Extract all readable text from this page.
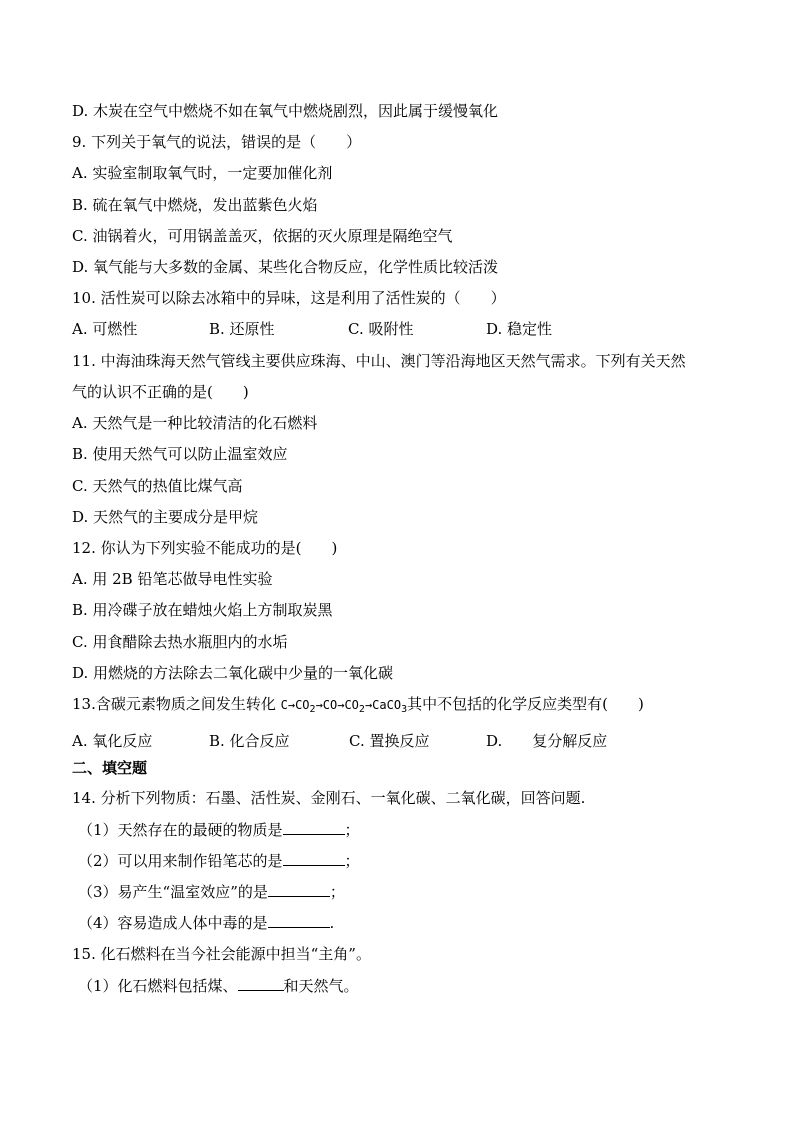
D. 木炭在空气中燃烧不如在氧气中燃烧剧烈，因此属于缓慢氧化
9. 下列关于氧气的说法，错误的是（　　）
A. 实验室制取氧气时，一定要加催化剂
B. 硫在氧气中燃烧，发出蓝紫色火焰
C. 油锅着火，可用锅盖盖灭，依据的灭火原理是隔绝空气
D. 氧气能与大多数的金属、某些化合物反应，化学性质比较活泼
10. 活性炭可以除去冰箱中的异味，这是利用了活性炭的（　　）
A. 可燃性	B. 还原性	C. 吸附性	D. 稳定性
11. 中海油珠海天然气管线主要供应珠海、中山、澳门等沿海地区天然气需求。下列有关天然
气的认识不正确的是(　　)
A. 天然气是一种比较清洁的化石燃料
B. 使用天然气可以防止温室效应
C. 天然气的热值比煤气高
D. 天然气的主要成分是甲烷
12. 你认为下列实验不能成功的是(　　)
A. 用 2B 铅笔芯做导电性实验
B. 用冷碟子放在蜡烛火焰上方制取炭黑
C. 用食醋除去热水瓶胆内的水垢
D. 用燃烧的方法除去二氧化碳中少量的一氧化碳
13.含碳元素物质之间发生转化 $C\to CO_2\to CO\to CO_2\to CaCO_3$其中不包括的化学反应类型有(　　)
A. 氧化反应	B. 化合反应	C. 置换反应	D.　　复分解反应
二、填空题
14. 分析下列物质：石墨、活性炭、金刚石、一氧化碳、二氧化碳，回答问题.
（1）天然存在的最硬的物质是	；
（2）可以用来制作铅笔芯的是	；
（3）易产生“温室效应”的是	；
（4）容易造成人体中毒的是	.
15. 化石燃料在当今社会能源中担当“主角”。
（1）化石燃料包括煤、	和天然气。
